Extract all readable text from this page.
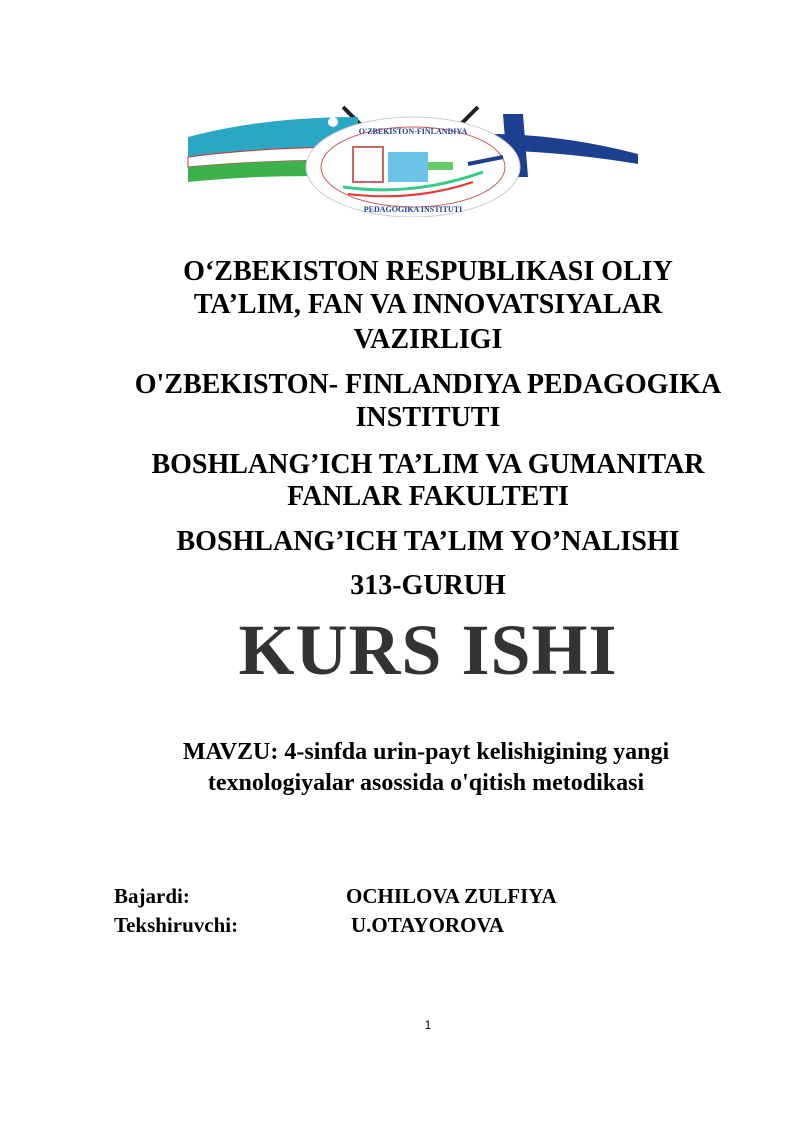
O'ZBEKISTON-FINLANDIYA
PEDAGOGIKA INSTITUTI
O‘ZBEKISTON RESPUBLIKASI OLIY
TA’LIM, FAN VA INNOVATSIYALAR
VAZIRLIGI
O'ZBEKISTON- FINLANDIYA PEDAGOGIKA
INSTITUTI
BOSHLANG’ICH TA’LIM VA GUMANITAR
FANLAR FAKULTETI
BOSHLANG’ICH TA’LIM YO’NALISHI
313-GURUH
KURS ISHI
MAVZU: 4-sinfda urin-payt kelishigining yangi
texnologiyalar asossida o'qitish metodikasi
Bajardi:	OCHILOVA ZULFIYA
Tekshiruvchi:	U.OTAYOROVA
1
